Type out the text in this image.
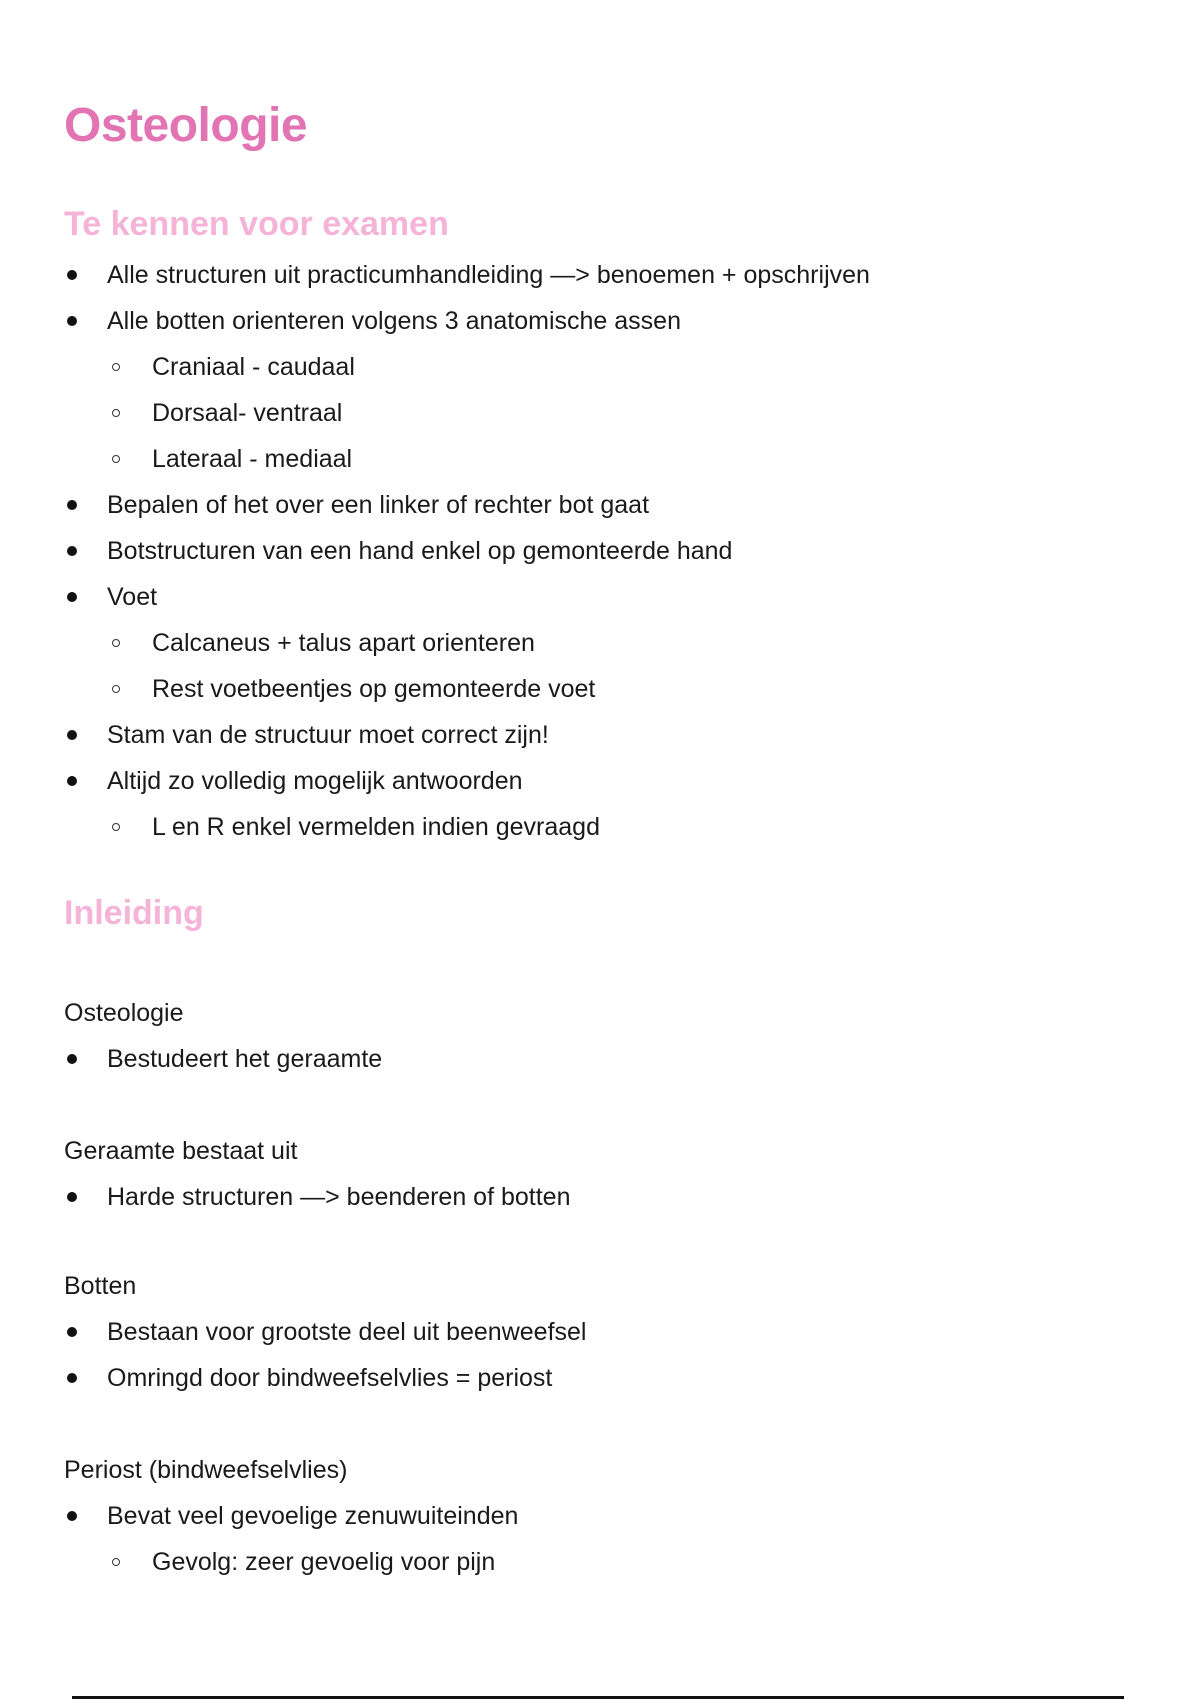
Osteologie
Te kennen voor examen
Alle structuren uit practicumhandleiding —> benoemen + opschrijven
Alle botten orienteren volgens 3 anatomische assen
Craniaal - caudaal
Dorsaal- ventraal
Lateraal - mediaal
Bepalen of het over een linker of rechter bot gaat
Botstructuren van een hand enkel op gemonteerde hand
Voet
Calcaneus + talus apart orienteren
Rest voetbeentjes op gemonteerde voet
Stam van de structuur moet correct zijn!
Altijd zo volledig mogelijk antwoorden
L en R enkel vermelden indien gevraagd
Inleiding

Osteologie

Bestudeert het geraamte

Geraamte bestaat uit

Harde structuren —> beenderen of botten

Botten

Bestaan voor grootste deel uit beenweefsel
Omringd door bindweefselvlies = periost

Periost (bindweefselvlies)

Bevat veel gevoelige zenuwuiteinden
Gevolg: zeer gevoelig voor pijn
